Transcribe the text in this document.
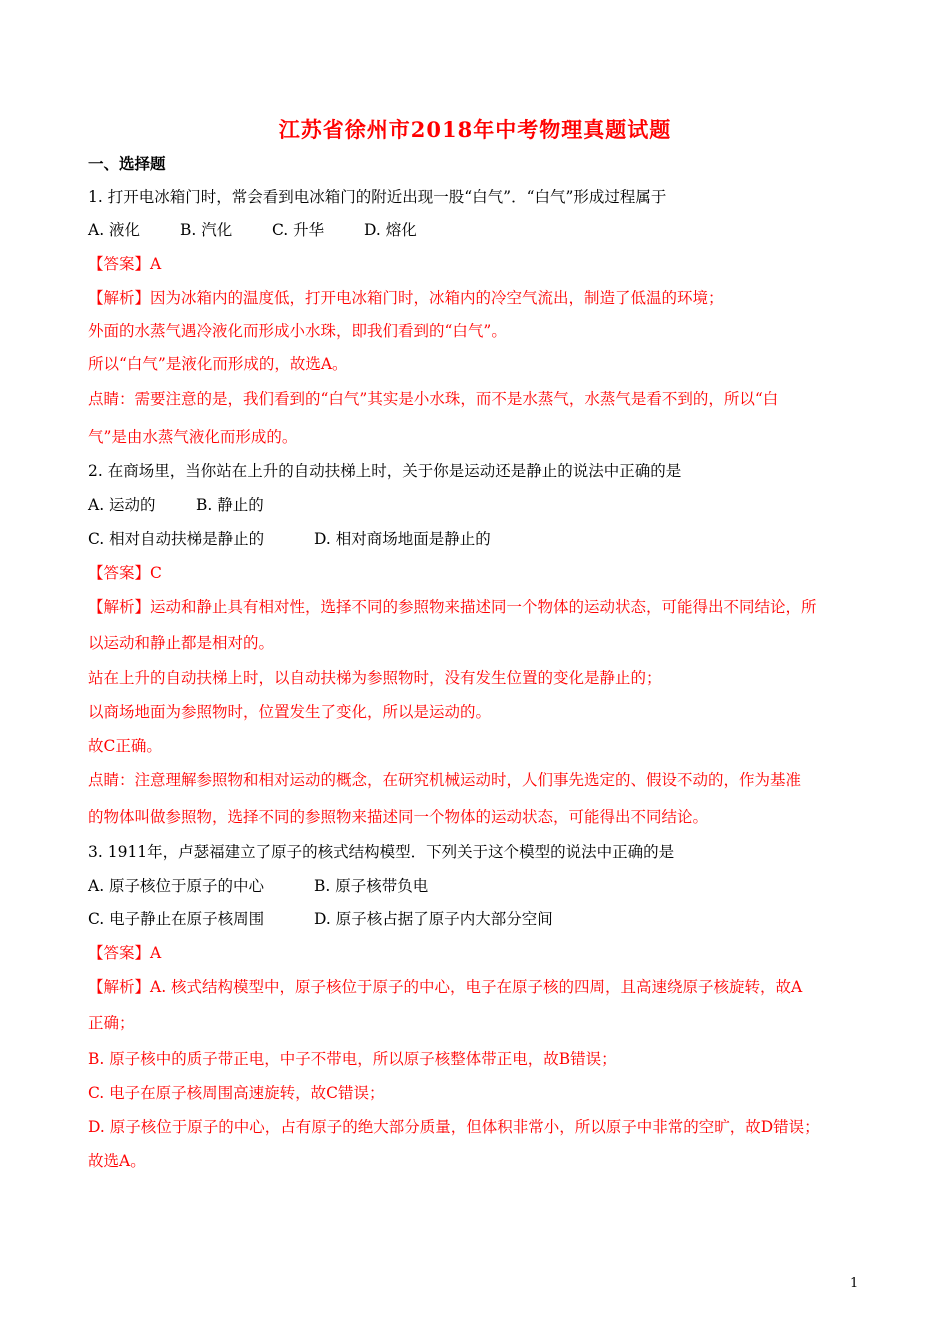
江苏省徐州市2018年中考物理真题试题
一、选择题
1. 打开电冰箱门时，常会看到电冰箱门的附近出现一股“白气”．“白气”形成过程属于
A. 液化	B. 汽化	C. 升华	D. 熔化
【答案】A
【解析】因为冰箱内的温度低，打开电冰箱门时，冰箱内的冷空气流出，制造了低温的环境；
外面的水蒸气遇冷液化而形成小水珠，即我们看到的“白气”。
所以“白气”是液化而形成的，故选A。
点睛：需要注意的是，我们看到的“白气”其实是小水珠，而不是水蒸气，水蒸气是看不到的，所以“白
气”是由水蒸气液化而形成的。
2. 在商场里，当你站在上升的自动扶梯上时，关于你是运动还是静止的说法中正确的是
A. 运动的	B. 静止的
C. 相对自动扶梯是静止的	D. 相对商场地面是静止的
【答案】C
【解析】运动和静止具有相对性，选择不同的参照物来描述同一个物体的运动状态，可能得出不同结论，所
以运动和静止都是相对的。
站在上升的自动扶梯上时，以自动扶梯为参照物时，没有发生位置的变化是静止的；
以商场地面为参照物时，位置发生了变化，所以是运动的。
故C正确。
点睛：注意理解参照物和相对运动的概念，在研究机械运动时，人们事先选定的、假设不动的，作为基准
的物体叫做参照物，选择不同的参照物来描述同一个物体的运动状态，可能得出不同结论。
3. 1911年，卢瑟福建立了原子的核式结构模型．下列关于这个模型的说法中正确的是
A. 原子核位于原子的中心	B. 原子核带负电
C. 电子静止在原子核周围	D. 原子核占据了原子内大部分空间
【答案】A
【解析】A. 核式结构模型中，原子核位于原子的中心，电子在原子核的四周，且高速绕原子核旋转，故A
正确；
B. 原子核中的质子带正电，中子不带电，所以原子核整体带正电，故B错误；
C. 电子在原子核周围高速旋转，故C错误；
D. 原子核位于原子的中心，占有原子的绝大部分质量，但体积非常小，所以原子中非常的空旷，故D错误；
故选A。
1
